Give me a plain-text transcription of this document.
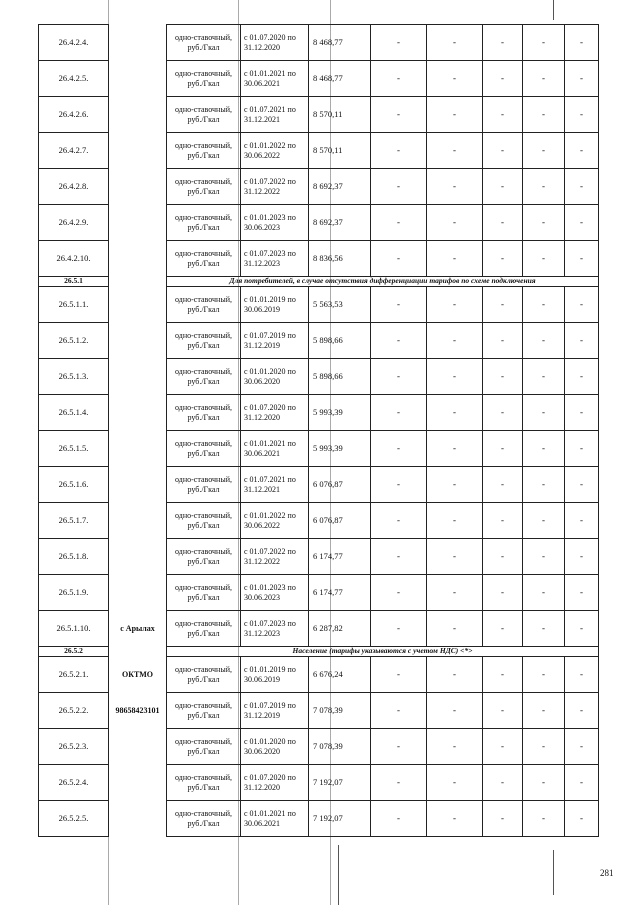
26.4.2.4.		одно-ставочный, руб./Гкал	с 01.07.2020 по 31.12.2020	8 468,77	-	-	-	-	-
26.4.2.5.		одно-ставочный, руб./Гкал	с 01.01.2021 по 30.06.2021	8 468,77	-	-	-	-	-
26.4.2.6.		одно-ставочный, руб./Гкал	с 01.07.2021 по 31.12.2021	8 570,11	-	-	-	-	-
26.4.2.7.		одно-ставочный, руб./Гкал	с 01.01.2022 по 30.06.2022	8 570,11	-	-	-	-	-
26.4.2.8.		одно-ставочный, руб./Гкал	с 01.07.2022 по 31.12.2022	8 692,37	-	-	-	-	-
26.4.2.9.		одно-ставочный, руб./Гкал	с 01.01.2023 по 30.06.2023	8 692,37	-	-	-	-	-
26.4.2.10.		одно-ставочный, руб./Гкал	с 01.07.2023 по 31.12.2023	8 836,56	-	-	-	-	-
26.5.1		Для потребителей, в случае отсутствия дифференциации тарифов по схеме подключения							
26.5.1.1.		одно-ставочный, руб./Гкал	с 01.01.2019 по 30.06.2019	5 563,53	-	-	-	-	-
26.5.1.2.		одно-ставочный, руб./Гкал	с 01.07.2019 по 31.12.2019	5 898,66	-	-	-	-	-
26.5.1.3.		одно-ставочный, руб./Гкал	с 01.01.2020 по 30.06.2020	5 898,66	-	-	-	-	-
26.5.1.4.		одно-ставочный, руб./Гкал	с 01.07.2020 по 31.12.2020	5 993,39	-	-	-	-	-
26.5.1.5.		одно-ставочный, руб./Гкал	с 01.01.2021 по 30.06.2021	5 993,39	-	-	-	-	-
26.5.1.6.		одно-ставочный, руб./Гкал	с 01.07.2021 по 31.12.2021	6 076,87	-	-	-	-	-
26.5.1.7.		одно-ставочный, руб./Гкал	с 01.01.2022 по 30.06.2022	6 076,87	-	-	-	-	-
26.5.1.8.		одно-ставочный, руб./Гкал	с 01.07.2022 по 31.12.2022	6 174,77	-	-	-	-	-
26.5.1.9.		одно-ставочный, руб./Гкал	с 01.01.2023 по 30.06.2023	6 174,77	-	-	-	-	-
26.5.1.10.	с Арылах	одно-ставочный, руб./Гкал	с 01.07.2023 по 31.12.2023	6 287,82	-	-	-	-	-
26.5.2		Население (тарифы указываются с учетом НДС) <*>							
26.5.2.1.	ОКТМО	одно-ставочный, руб./Гкал	с 01.01.2019 по 30.06.2019	6 676,24	-	-	-	-	-
26.5.2.2.	98658423101	одно-ставочный, руб./Гкал	с 01.07.2019 по 31.12.2019	7 078,39	-	-	-	-	-
26.5.2.3.		одно-ставочный, руб./Гкал	с 01.01.2020 по 30.06.2020	7 078,39	-	-	-	-	-
26.5.2.4.		одно-ставочный, руб./Гкал	с 01.07.2020 по 31.12.2020	7 192,07	-	-	-	-	-
26.5.2.5.		одно-ставочный, руб./Гкал	с 01.01.2021 по 30.06.2021	7 192,07	-	-	-	-	-
281
